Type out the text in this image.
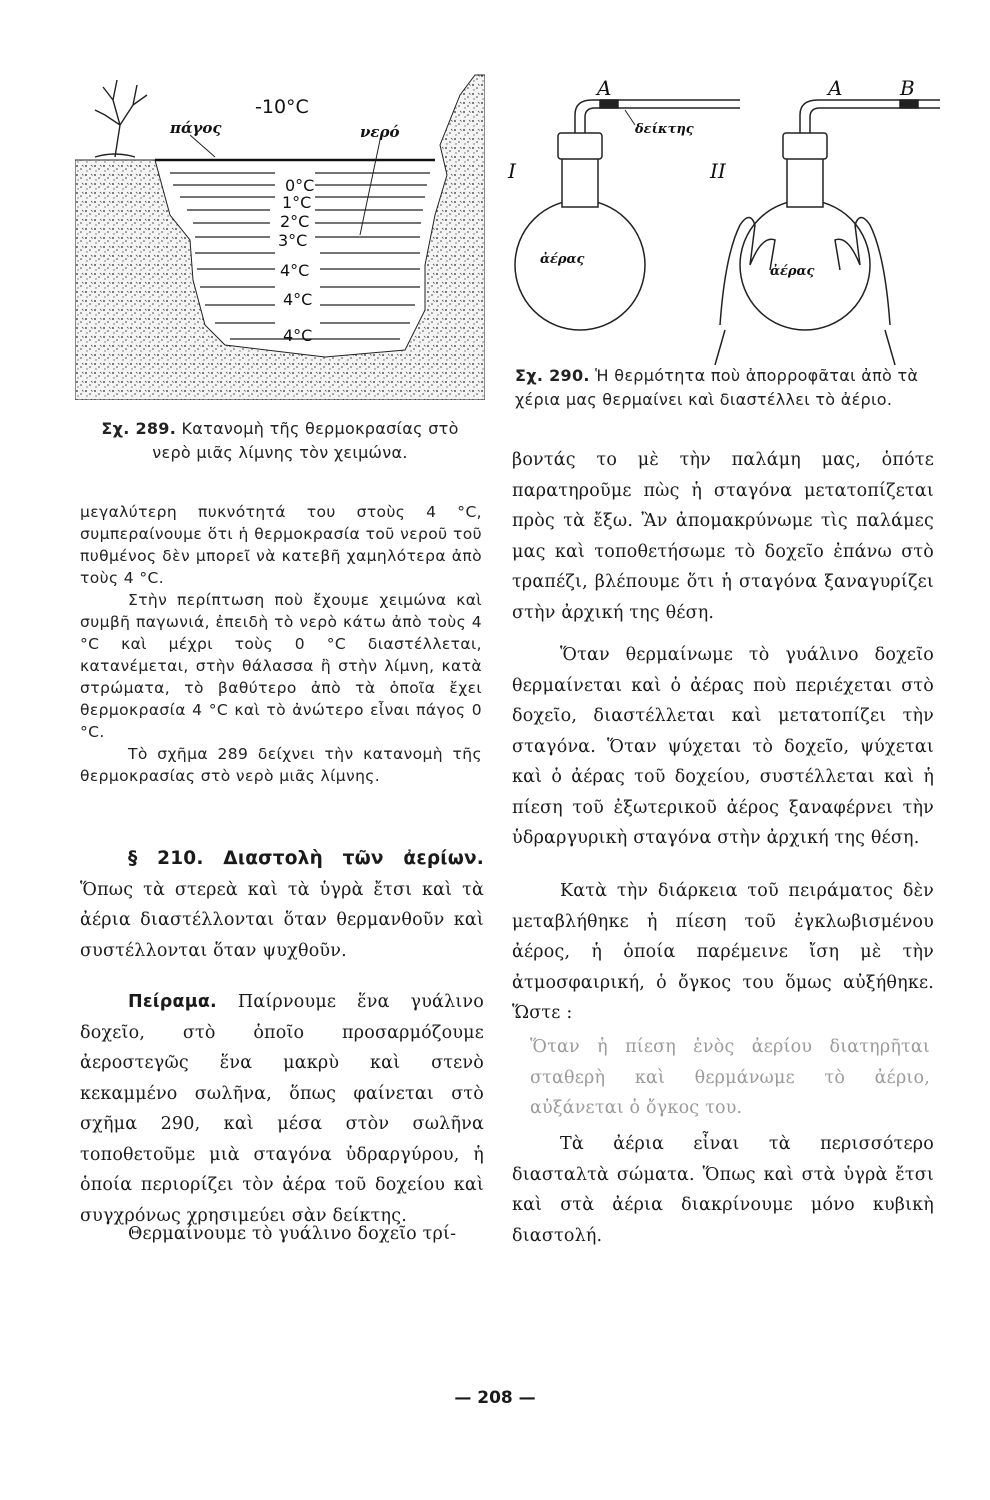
-10°C
πάγος	νερό
0°C
1°C
2°C
3°C
4°C
4°C
4°C
Σχ. 289. Κατανομὴ τῆς θερμοκρασίας στὸ νερὸ μιᾶς λίμνης τὸν χειμώνα.
I	II
A	A	B
δείκτης
ἀέρας
ἀέρας
Σχ. 290. Ἡ θερμότητα ποὺ ἀπορροφᾶται ἀπὸ τὰ χέρια μας θερμαίνει καὶ διαστέλλει τὸ ἀέριο.

μεγαλύτερη πυκνότητά του στοὺς 4 °C, συμπεραίνουμε ὅτι ἡ θερμοκρασία τοῦ νεροῦ τοῦ πυθμένος δὲν μπορεῖ νὰ κατεβῆ χαμηλότερα ἀπὸ τοὺς 4 °C.

Στὴν περίπτωση ποὺ ἔχουμε χειμώνα καὶ συμβῆ παγωνιά, ἐπειδὴ τὸ νερὸ κάτω ἀπὸ τοὺς 4 °C καὶ μέχρι τοὺς 0 °C διαστέλλεται, κατανέμεται, στὴν θάλασσα ἢ στὴν λίμνη, κατὰ στρώματα, τὸ βαθύτερο ἀπὸ τὰ ὁποῖα ἔχει θερμοκρασία 4 °C καὶ τὸ ἀνώτερο εἶναι πάγος 0 °C.

Τὸ σχῆμα 289 δείχνει τὴν κατανομὴ τῆς θερμοκρασίας στὸ νερὸ μιᾶς λίμνης.

§ 210. Διαστολὴ τῶν ἀερίων. Ὅπως τὰ στερεὰ καὶ τὰ ὑγρὰ ἔτσι καὶ τὰ ἀέρια διαστέλλονται ὅταν θερμανθοῦν καὶ συστέλλονται ὅταν ψυχθοῦν.

Πείραμα. Παίρνουμε ἕνα γυάλινο δοχεῖο, στὸ ὁποῖο προσαρμόζουμε ἀεροστεγῶς ἕνα μακρὺ καὶ στενὸ κεκαμμένο σωλῆνα, ὅπως φαίνεται στὸ σχῆμα 290, καὶ μέσα στὸν σωλῆνα τοποθετοῦμε μιὰ σταγόνα ὑδραργύρου, ἡ ὁποία περιορίζει τὸν ἀέρα τοῦ δοχείου καὶ συγχρόνως χρησιμεύει σὰν δείκτης.

Θερμαίνουμε τὸ γυάλινο δοχεῖο τρί-

βοντάς το μὲ τὴν παλάμη μας, ὁπότε παρατηροῦμε πὼς ἡ σταγόνα μετατοπίζεται πρὸς τὰ ἔξω. Ἂν ἀπομακρύνωμε τὶς παλάμες μας καὶ τοποθετήσωμε τὸ δοχεῖο ἐπάνω στὸ τραπέζι, βλέπουμε ὅτι ἡ σταγόνα ξαναγυρίζει στὴν ἀρχική της θέση.

Ὅταν θερμαίνωμε τὸ γυάλινο δοχεῖο θερμαίνεται καὶ ὁ ἀέρας ποὺ περιέχεται στὸ δοχεῖο, διαστέλλεται καὶ μετατοπίζει τὴν σταγόνα. Ὅταν ψύχεται τὸ δοχεῖο, ψύχεται καὶ ὁ ἀέρας τοῦ δοχείου, συστέλλεται καὶ ἡ πίεση τοῦ ἐξωτερικοῦ ἀέρος ξαναφέρνει τὴν ὑδραργυρικὴ σταγόνα στὴν ἀρχική της θέση.

Κατὰ τὴν διάρκεια τοῦ πειράματος δὲν μεταβλήθηκε ἡ πίεση τοῦ ἐγκλωβισμένου ἀέρος, ἡ ὁποία παρέμεινε ἴση μὲ τὴν ἀτμοσφαιρική, ὁ ὄγκος του ὅμως αὐξήθηκε. Ὥστε :

Ὅταν ἡ πίεση ἑνὸς ἀερίου διατηρῆται σταθερὴ καὶ θερμάνωμε τὸ ἀέριο, αὐξάνεται ὁ ὄγκος του.

Τὰ ἀέρια εἶναι τὰ περισσότερο διασταλτὰ σώματα. Ὅπως καὶ στὰ ὑγρὰ ἔτσι καὶ στὰ ἀέρια διακρίνουμε μόνο κυβικὴ διαστολή.

— 208 —
